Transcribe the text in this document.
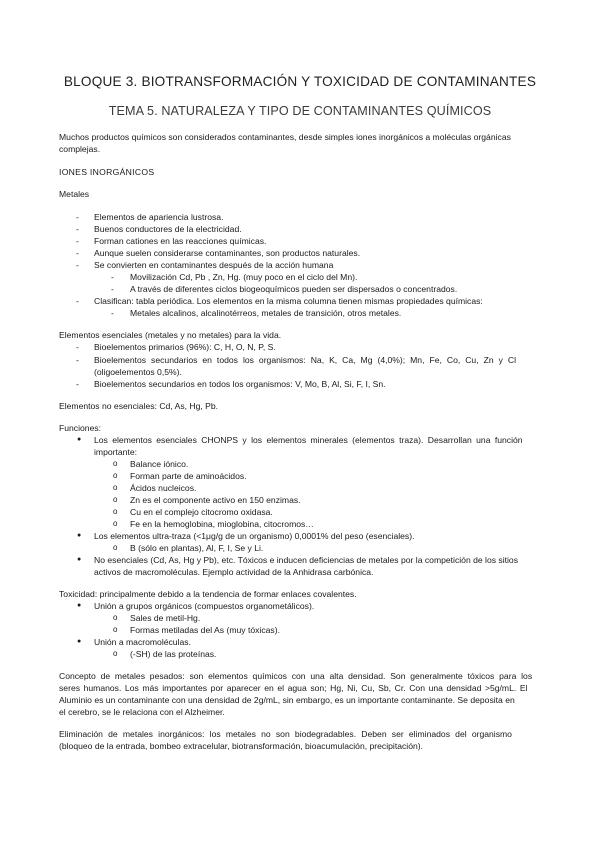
BLOQUE 3. BIOTRANSFORMACIÓN Y TOXICIDAD DE CONTAMINANTES
TEMA 5. NATURALEZA Y TIPO DE CONTAMINANTES QUÍMICOS
Muchos productos químicos son considerados contaminantes, desde simples iones inorgánicos a moléculas orgánicas
complejas.
IONES INORGÁNICOS
Metales
- Elementos de apariencia lustrosa.
- Buenos conductores de la electricidad.
- Forman cationes en las reacciones químicas.
- Aunque suelen considerarse contaminantes, son productos naturales.
- Se convierten en contaminantes después de la acción humana
- Movilización Cd, Pb , Zn, Hg. (muy poco en el ciclo del Mn).
- A través de diferentes ciclos biogeoquímicos pueden ser dispersados o concentrados.
- Clasifican: tabla periódica. Los elementos en la misma columna tienen mismas propiedades químicas:
- Metales alcalinos, alcalinotérreos, metales de transición, otros metales.
Elementos esenciales (metales y no metales) para la vida.
- Bioelementos primarios (96%): C, H, O, N, P, S.
- Bioelementos secundarios en todos los organismos: Na, K, Ca, Mg (4,0%); Mn, Fe, Co, Cu, Zn y Cl
(oligoelementos 0,5%).
- Bioelementos secundarios en todos los organismos: V, Mo, B, Al, Si, F, I, Sn.
Elementos no esenciales: Cd, As, Hg, Pb.
Funciones:
● Los elementos esenciales CHONPS y los elementos minerales (elementos traza). Desarrollan una función
importante:
o Balance iónico.
o Forman parte de aminoácidos.
o Ácidos nucleicos.
o Zn es el componente activo en 150 enzimas.
o Cu en el complejo citocromo oxidasa.
o Fe en la hemoglobina, mioglobina, citocromos…
● Los elementos ultra-traza (<1μg/g de un organismo) 0,0001% del peso (esenciales).
o B (sólo en plantas), Al, F, I, Se y Li.
● No esenciales (Cd, As, Hg y Pb), etc. Tóxicos e inducen deficiencias de metales por la competición de los sitios
activos de macromoléculas. Ejemplo actividad de la Anhidrasa carbónica.
Toxicidad: principalmente debido a la tendencia de formar enlaces covalentes.
● Unión a grupos orgánicos (compuestos organometálicos).
o Sales de metil-Hg.
o Formas metiladas del As (muy tóxicas).
● Unión a macromoléculas.
o (-SH) de las proteínas.
Concepto de metales pesados: son elementos químicos con una alta densidad. Son generalmente tóxicos para los
seres humanos. Los más importantes por aparecer en el agua son; Hg, Ni, Cu, Sb, Cr. Con una densidad >5g/mL. El
Aluminio es un contaminante con una densidad de 2g/mL, sin embargo, es un importante contaminante. Se deposita en
el cerebro, se le relaciona con el Alzheimer.
Eliminación de metales inorgánicos: los metales no son biodegradables. Deben ser eliminados del organismo
(bloqueo de la entrada, bombeo extracelular, biotransformación, bioacumulación, precipitación).
